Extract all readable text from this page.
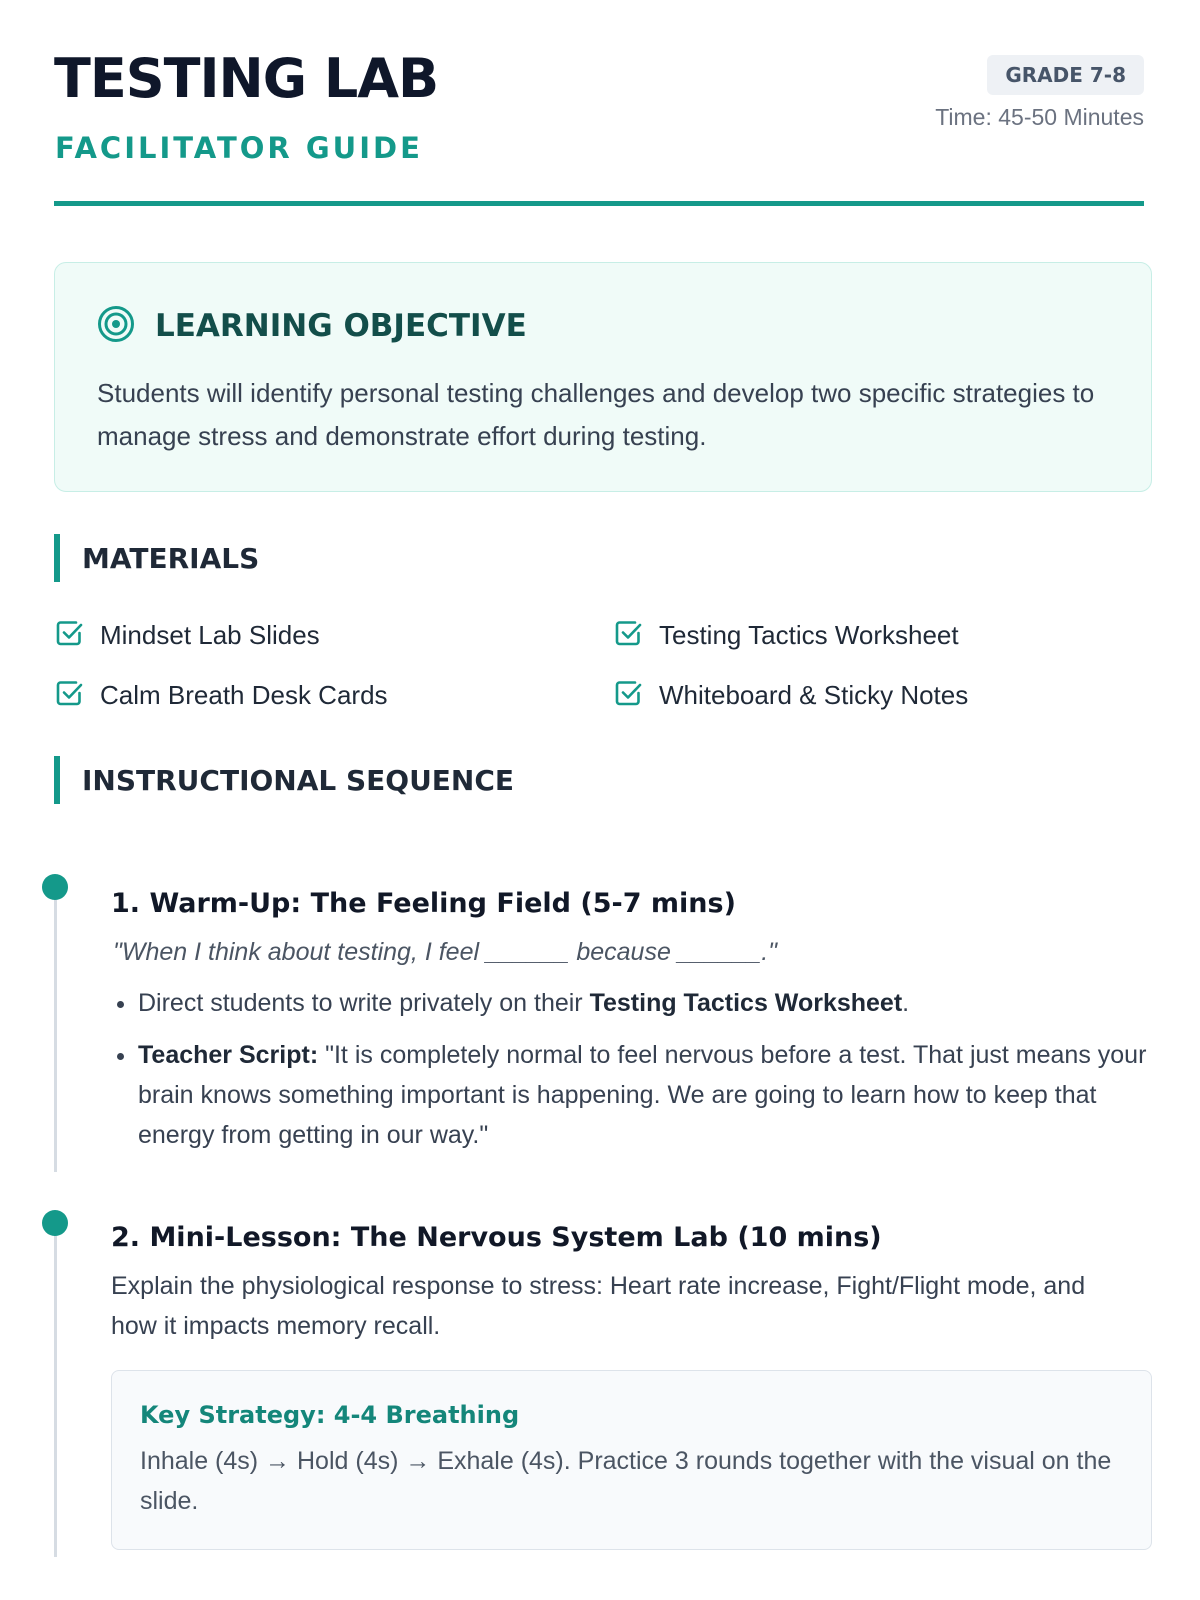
TESTING LAB
FACILITATOR GUIDE
GRADE 7-8
Time: 45-50 Minutes
LEARNING OBJECTIVE
Students will identify personal testing challenges and develop two specific strategies to manage stress and demonstrate effort during testing.
MATERIALS
Mindset Lab Slides	Testing Tactics Worksheet
Calm Breath Desk Cards	Whiteboard & Sticky Notes
INSTRUCTIONAL SEQUENCE
1. Warm-Up: The Feeling Field (5-7 mins)
"When I think about testing, I feel ______ because ______."
• Direct students to write privately on their Testing Tactics Worksheet.
• Teacher Script: "It is completely normal to feel nervous before a test. That just means your brain knows something important is happening. We are going to learn how to keep that energy from getting in our way."
2. Mini-Lesson: The Nervous System Lab (10 mins)
Explain the physiological response to stress: Heart rate increase, Fight/Flight mode, and how it impacts memory recall.
Key Strategy: 4-4 Breathing
Inhale (4s) → Hold (4s) → Exhale (4s). Practice 3 rounds together with the visual on the slide.
